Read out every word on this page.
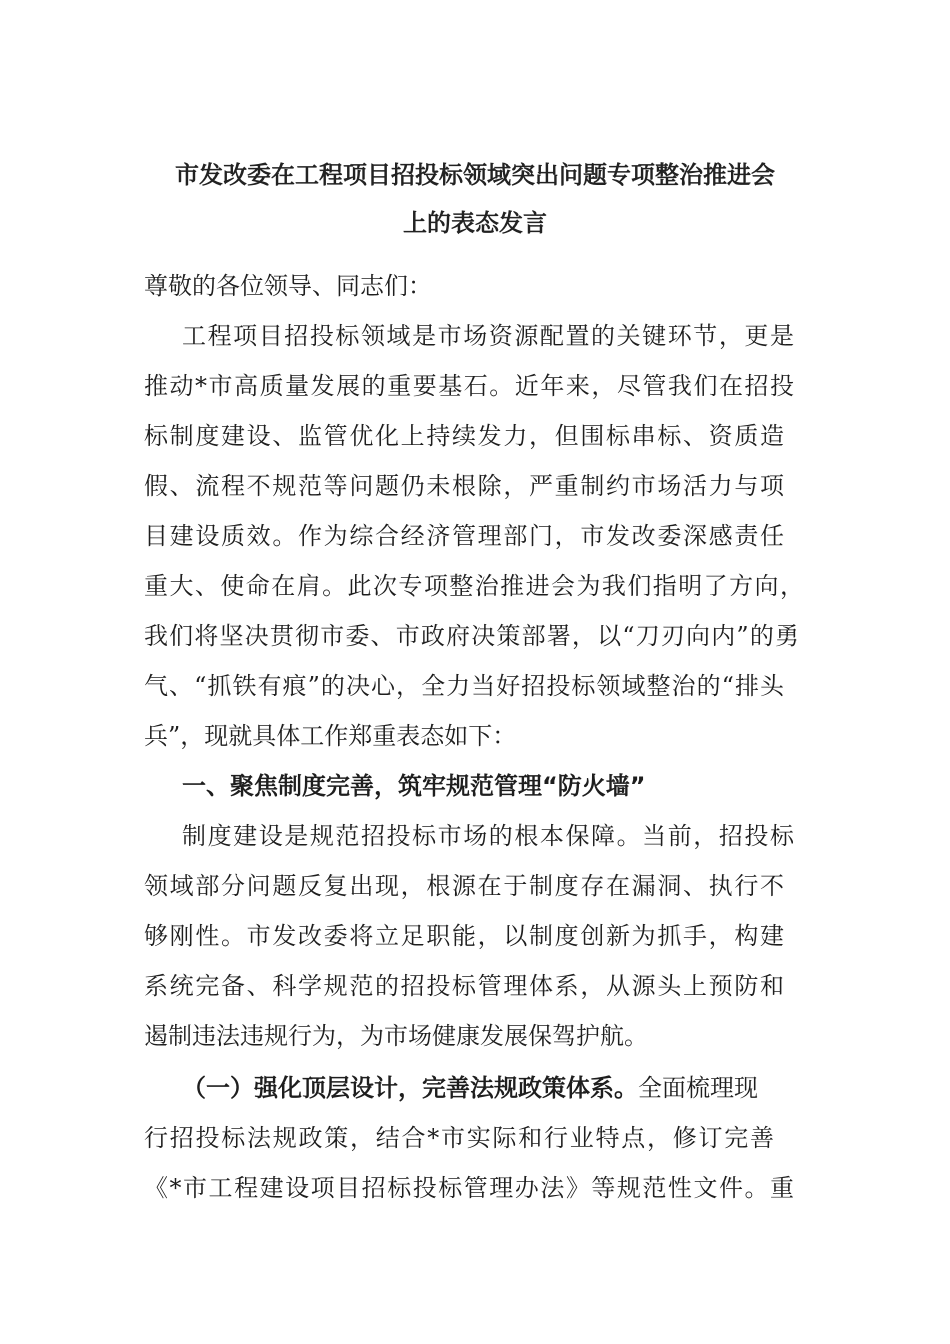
市发改委在工程项目招投标领域突出问题专项整治推进会
上的表态发言
尊敬的各位领导、同志们：
工程项目招投标领域是市场资源配置的关键环节，更是
推动*市高质量发展的重要基石。近年来，尽管我们在招投
标制度建设、监管优化上持续发力，但围标串标、资质造
假、流程不规范等问题仍未根除，严重制约市场活力与项
目建设质效。作为综合经济管理部门，市发改委深感责任
重大、使命在肩。此次专项整治推进会为我们指明了方向，
我们将坚决贯彻市委、市政府决策部署，以“刀刃向内”的勇
气、“抓铁有痕”的决心，全力当好招投标领域整治的“排头
兵”，现就具体工作郑重表态如下：
一、聚焦制度完善，筑牢规范管理“防火墙”
制度建设是规范招投标市场的根本保障。当前，招投标
领域部分问题反复出现，根源在于制度存在漏洞、执行不
够刚性。市发改委将立足职能，以制度创新为抓手，构建
系统完备、科学规范的招投标管理体系，从源头上预防和
遏制违法违规行为，为市场健康发展保驾护航。
（一）强化顶层设计，完善法规政策体系。全面梳理现
行招投标法规政策，结合*市实际和行业特点，修订完善
《*市工程建设项目招标投标管理办法》等规范性文件。重
